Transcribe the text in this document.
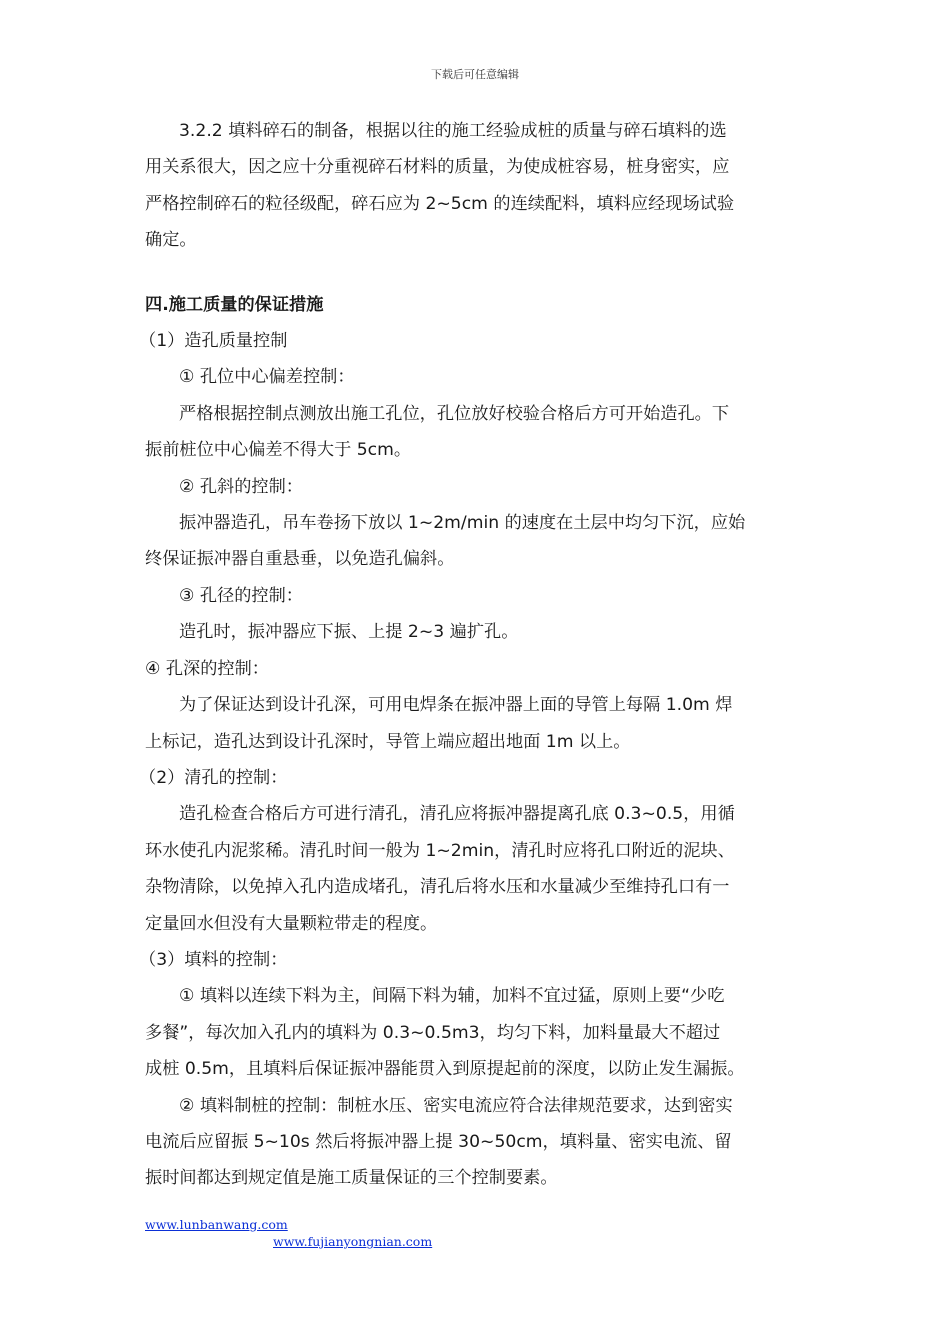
下载后可任意编辑

3.2.2 填料碎石的制备，根据以往的施工经验成桩的质量与碎石填料的选

用关系很大，因之应十分重视碎石材料的质量，为使成桩容易，桩身密实，应

严格控制碎石的粒径级配，碎石应为 2~5cm 的连续配料，填料应经现场试验

确定。

四.施工质量的保证措施

（1）造孔质量控制

① 孔位中心偏差控制：

严格根据控制点测放出施工孔位，孔位放好校验合格后方可开始造孔。下

振前桩位中心偏差不得大于 5cm。

② 孔斜的控制：

振冲器造孔，吊车卷扬下放以 1~2m/min 的速度在土层中均匀下沉，应始

终保证振冲器自重悬垂，以免造孔偏斜。

③ 孔径的控制：

造孔时，振冲器应下振、上提 2~3 遍扩孔。

④ 孔深的控制：

为了保证达到设计孔深，可用电焊条在振冲器上面的导管上每隔 1.0m 焊

上标记，造孔达到设计孔深时，导管上端应超出地面 1m 以上。

（2）清孔的控制：

造孔检查合格后方可进行清孔，清孔应将振冲器提离孔底 0.3~0.5，用循

环水使孔内泥浆稀。清孔时间一般为 1~2min，清孔时应将孔口附近的泥块、

杂物清除，以免掉入孔内造成堵孔，清孔后将水压和水量减少至维持孔口有一

定量回水但没有大量颗粒带走的程度。

（3）填料的控制：

① 填料以连续下料为主，间隔下料为辅，加料不宜过猛，原则上要“少吃

多餐”，每次加入孔内的填料为 0.3~0.5m3，均匀下料，加料量最大不超过

成桩 0.5m，且填料后保证振冲器能贯入到原提起前的深度，以防止发生漏振。

② 填料制桩的控制：制桩水压、密实电流应符合法律规范要求，达到密实

电流后应留振 5~10s 然后将振冲器上提 30~50cm，填料量、密实电流、留

振时间都达到规定值是施工质量保证的三个控制要素。

www.lunbanwang.com
www.fujianyongnian.com
